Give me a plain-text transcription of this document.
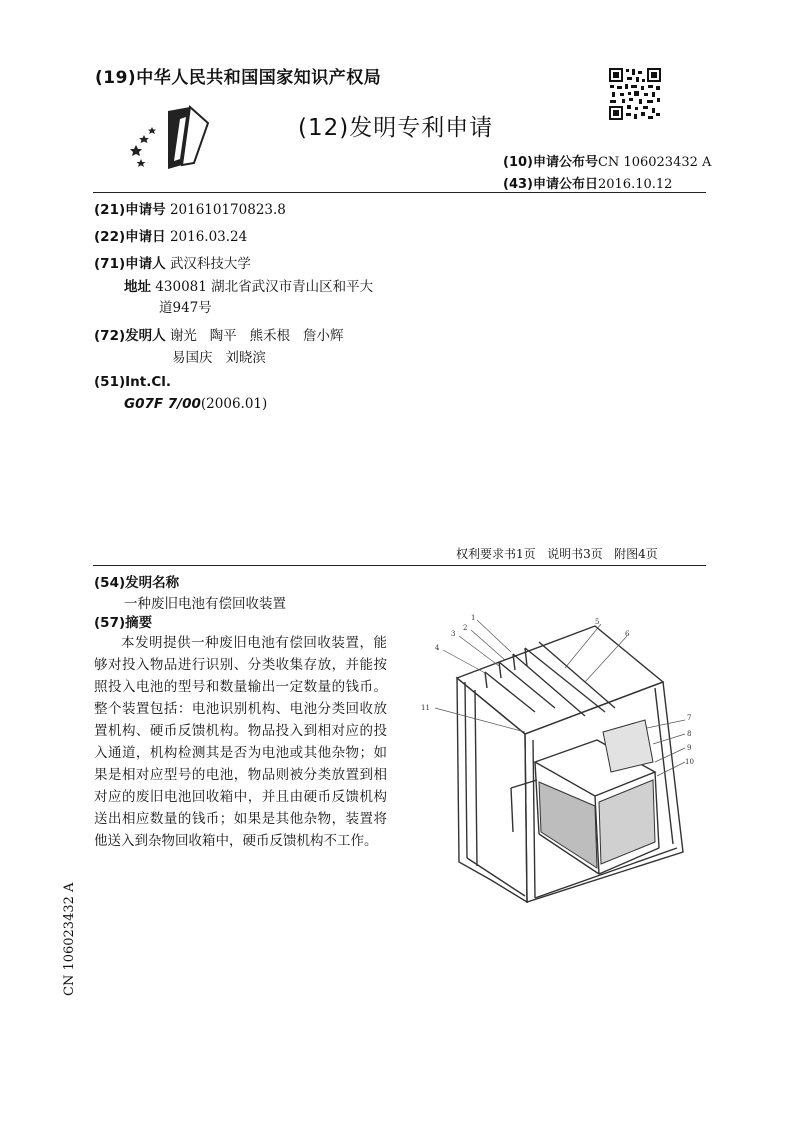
(19)中华人民共和国国家知识产权局
(12)发明专利申请
(10)申请公布号CN 106023432 A
(43)申请公布日2016.10.12
(21)申请号 201610170823.8
(22)申请日 2016.03.24
(71)申请人 武汉科技大学
地址 430081 湖北省武汉市青山区和平大
道947号
(72)发明人 谢光   陶平   熊禾根   詹小辉
易国庆   刘晓滨
(51)Int.Cl.
G07F 7/00(2006.01)
权利要求书1页   说明书3页   附图4页
(54)发明名称
一种废旧电池有偿回收装置
(57)摘要

本发明提供一种废旧电池有偿回收装置，能够对投入物品进行识别、分类收集存放，并能按照投入电池的型号和数量输出一定数量的钱币。整个装置包括：电池识别机构、电池分类回收放置机构、硬币反馈机构。物品投入到相对应的投入通道，机构检测其是否为电池或其他杂物；如果是相对应型号的电池，物品则被分类放置到相对应的废旧电池回收箱中，并且由硬币反馈机构送出相应数量的钱币；如果是其他杂物，装置将他送入到杂物回收箱中，硬币反馈机构不工作。

1
2
3
4
5
6
11
7
8
9
10
CN 106023432 A
